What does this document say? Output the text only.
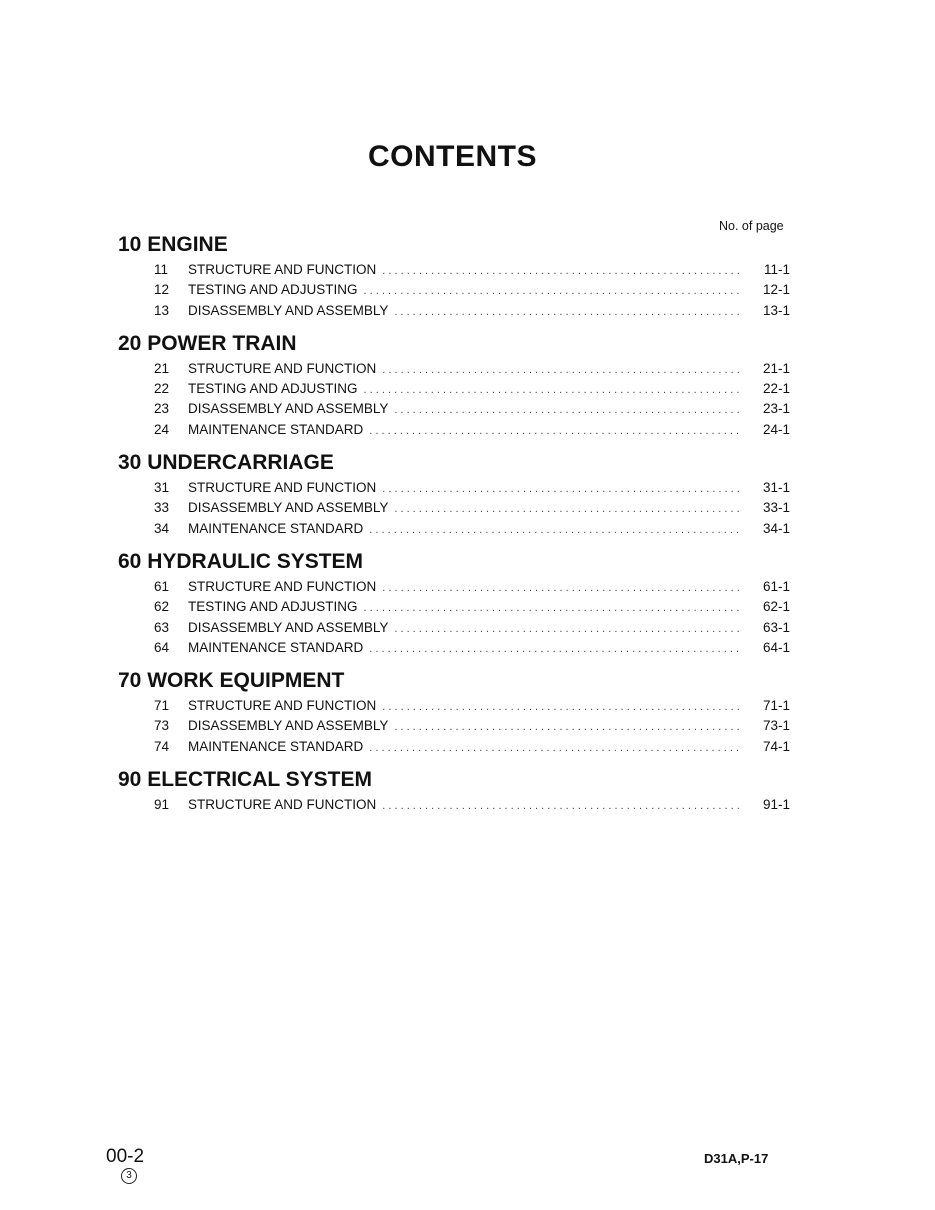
CONTENTS
No. of page
10 ENGINE
11	STRUCTURE AND FUNCTION . . .	11-1
12	TESTING AND ADJUSTING . . .	12-1
13	DISASSEMBLY AND ASSEMBLY . . .	13-1
20 POWER TRAIN
21	STRUCTURE AND FUNCTION . . .	21-1
22	TESTING AND ADJUSTING . . .	22-1
23	DISASSEMBLY AND ASSEMBLY . . .	23-1
24	MAINTENANCE STANDARD . . .	24-1
30 UNDERCARRIAGE
31	STRUCTURE AND FUNCTION . . .	31-1
33	DISASSEMBLY AND ASSEMBLY . . .	33-1
34	MAINTENANCE STANDARD . . .	34-1
60 HYDRAULIC SYSTEM
61	STRUCTURE AND FUNCTION . . .	61-1
62	TESTING AND ADJUSTING . . .	62-1
63	DISASSEMBLY AND ASSEMBLY . . .	63-1
64	MAINTENANCE STANDARD . . .	64-1
70 WORK EQUIPMENT
71	STRUCTURE AND FUNCTION . . .	71-1
73	DISASSEMBLY AND ASSEMBLY . . .	73-1
74	MAINTENANCE STANDARD . . .	74-1
90 ELECTRICAL SYSTEM
91	STRUCTURE AND FUNCTION . . .	91-1
00-2
3
D31A,P-17
